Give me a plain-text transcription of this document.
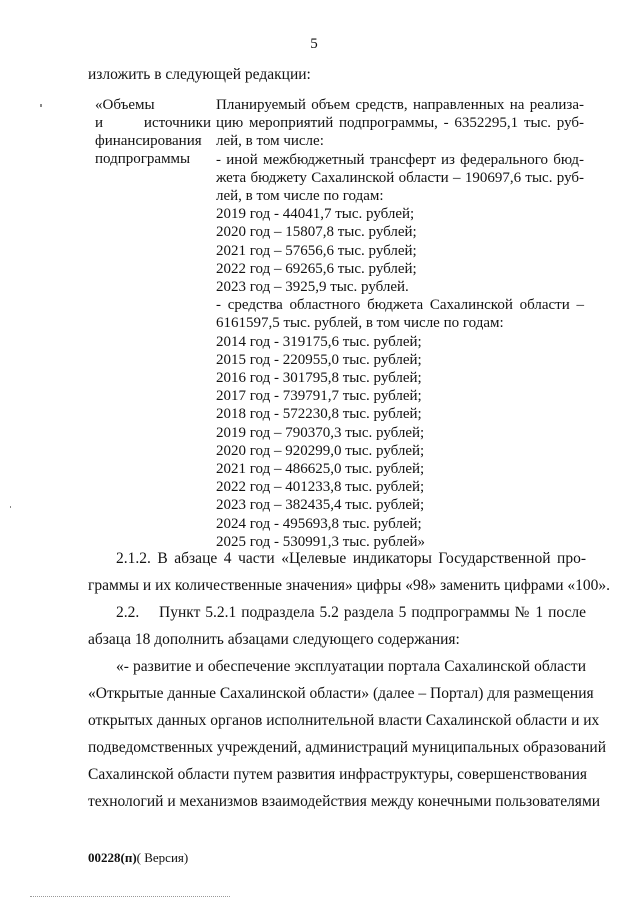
5
изложить в следующей редакции:
«Объемы
и	источники
финансирования
подпрограммы
Планируемый объем средств, направленных на реализа-
цию мероприятий подпрограммы, - 6352295,1 тыс. руб-
лей, в том числе:
- иной межбюджетный трансферт из федерального бюд-
жета бюджету Сахалинской области – 190697,6 тыс. руб-
лей, в том числе по годам:
2019 год - 44041,7 тыс. рублей;
2020 год – 15807,8 тыс. рублей;
2021 год – 57656,6 тыс. рублей;
2022 год – 69265,6 тыс. рублей;
2023 год – 3925,9 тыс. рублей.
- средства областного бюджета Сахалинской области –
6161597,5 тыс. рублей, в том числе по годам:
2014 год - 319175,6 тыс. рублей;
2015 год - 220955,0 тыс. рублей;
2016 год - 301795,8 тыс. рублей;
2017 год - 739791,7 тыс. рублей;
2018 год - 572230,8 тыс. рублей;
2019 год – 790370,3 тыс. рублей;
2020 год – 920299,0 тыс. рублей;
2021 год – 486625,0 тыс. рублей;
2022 год – 401233,8 тыс. рублей;
2023 год – 382435,4 тыс. рублей;
2024 год - 495693,8 тыс. рублей;
2025 год - 530991,3 тыс. рублей»
2.1.2. В абзаце 4 части «Целевые индикаторы Государственной про-
граммы и их количественные значения» цифры «98» заменить цифрами «100».
2.2.    Пункт 5.2.1 подраздела 5.2 раздела 5 подпрограммы № 1 после
абзаца 18 дополнить абзацами следующего содержания:
«- развитие и обеспечение эксплуатации портала Сахалинской области
«Открытые данные Сахалинской области» (далее – Портал) для размещения
открытых данных органов исполнительной власти Сахалинской области и их
подведомственных учреждений, администраций муниципальных образований
Сахалинской области путем развития инфраструктуры, совершенствования
технологий и механизмов взаимодействия между конечными пользователями
00228(п)( Версия)
